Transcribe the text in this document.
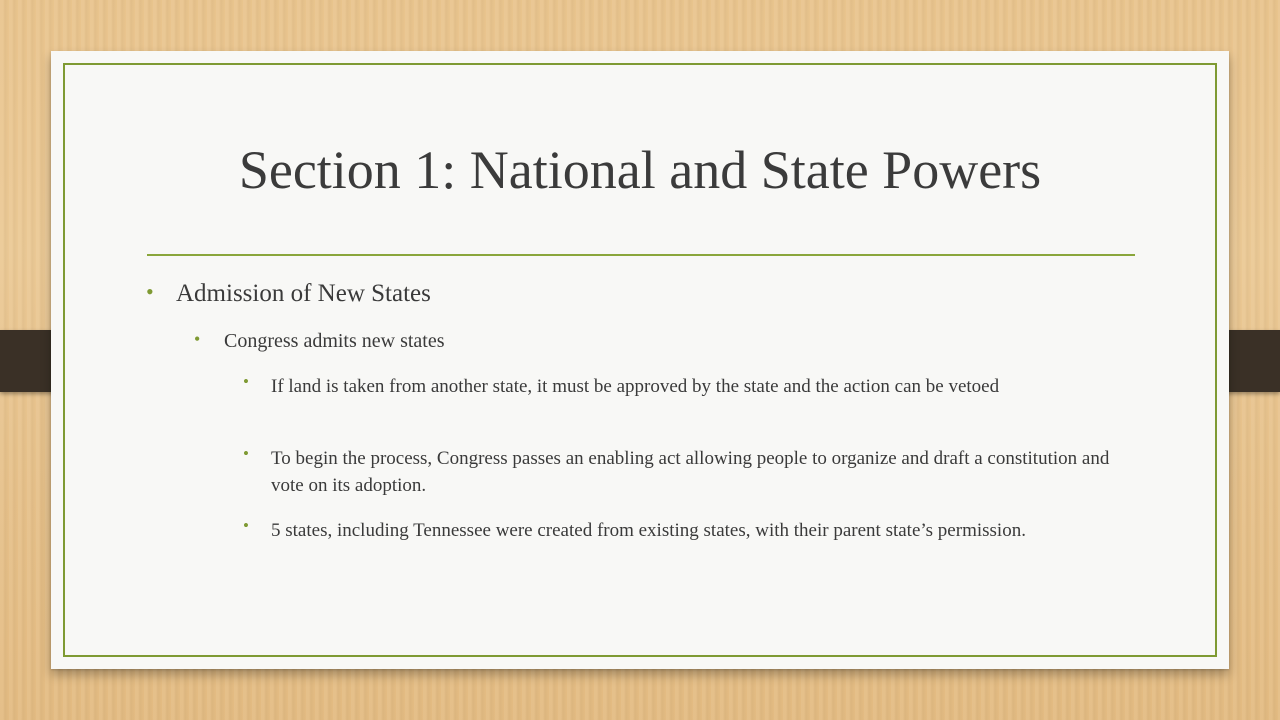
Section 1: National and State Powers
• Admission of New States
• Congress admits new states
• If land is taken from another state, it must be approved by the state and the action can be vetoed
• To begin the process, Congress passes an enabling act allowing people to organize and draft a constitution and vote on its adoption.
• 5 states, including Tennessee were created from existing states, with their parent state’s permission.
